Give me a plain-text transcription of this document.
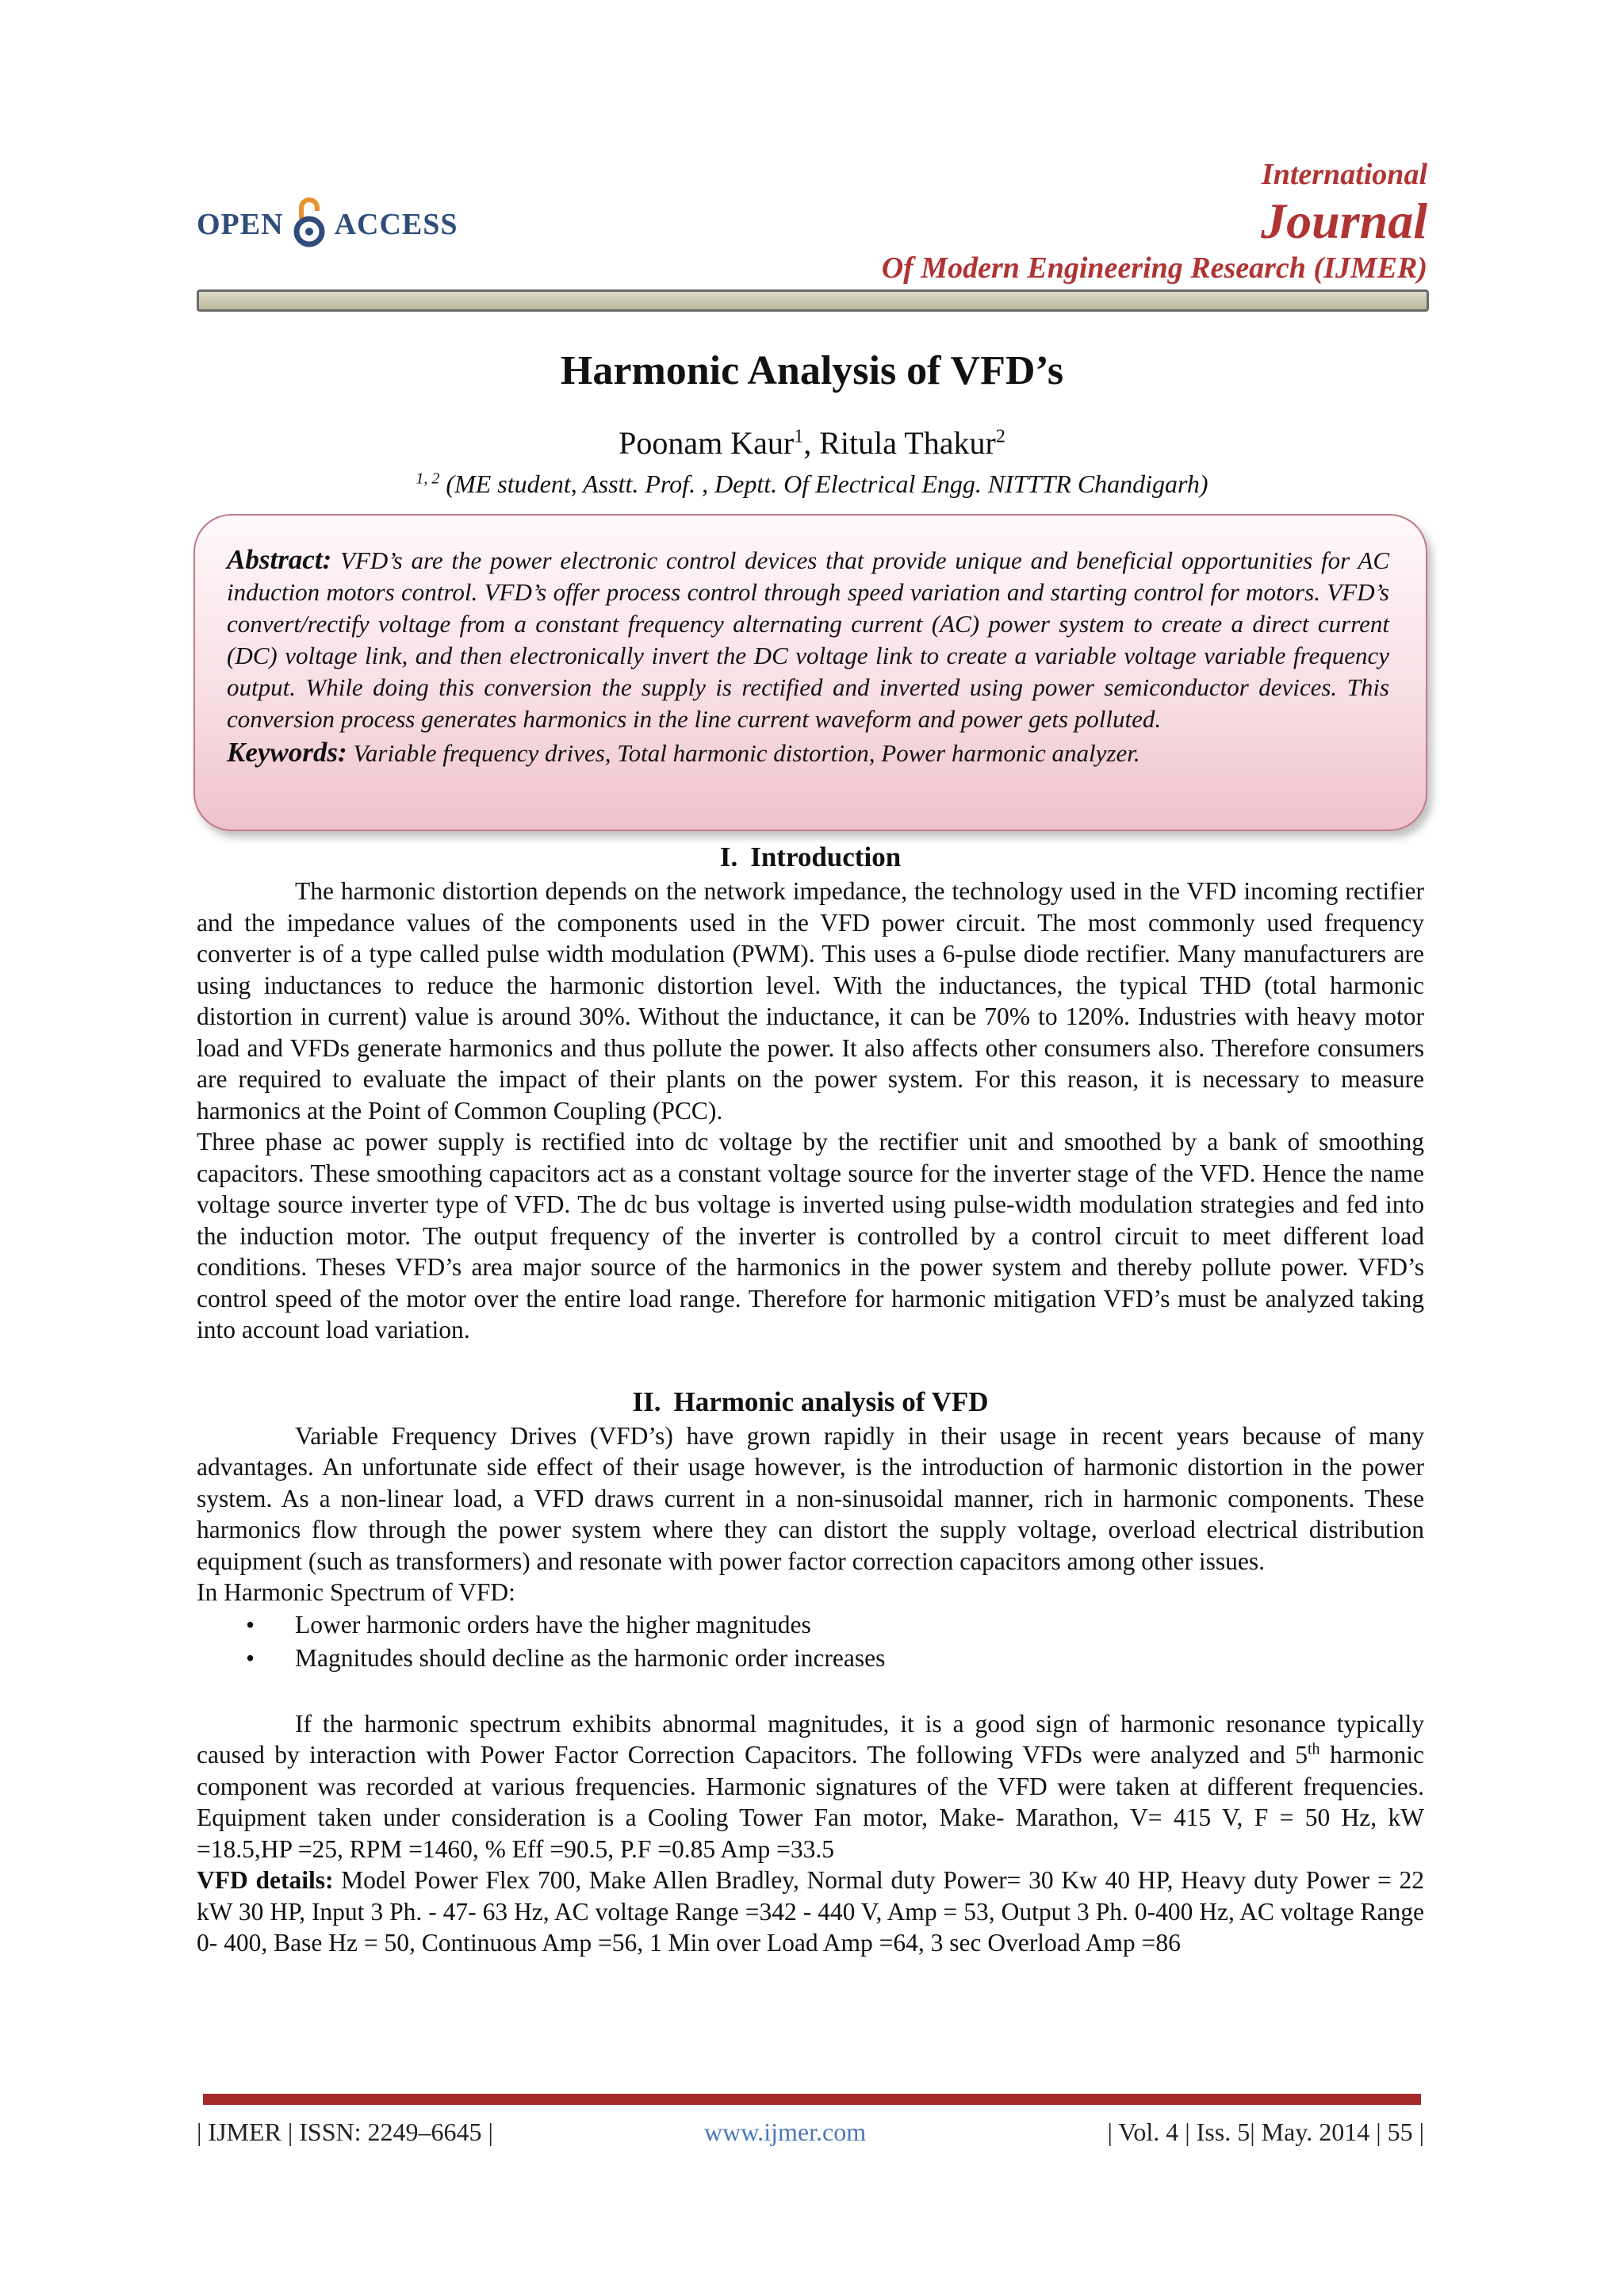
OPEN ACCESS
International
Journal
Of Modern Engineering Research (IJMER)
Harmonic Analysis of VFD’s
Poonam Kaur$^1$, Ritula Thakur$^2$
$^{1, 2}$ (ME student, Asstt. Prof. , Deptt. Of Electrical Engg. NITTTR Chandigarh)
Abstract: VFD’s are the power electronic control devices that provide unique and beneficial opportunities for AC induction motors control. VFD’s offer process control through speed variation and starting control for motors. VFD’s convert/rectify voltage from a constant frequency alternating current (AC) power system to create a direct current (DC) voltage link, and then electronically invert the DC voltage link to create a variable voltage variable frequency output. While doing this conversion the supply is rectified and inverted using power semiconductor devices. This conversion process generates harmonics in the line current waveform and power gets polluted.
Keywords: Variable frequency drives, Total harmonic distortion, Power harmonic analyzer.
I. Introduction

The harmonic distortion depends on the network impedance, the technology used in the VFD incoming rectifier and the impedance values of the components used in the VFD power circuit. The most commonly used frequency converter is of a type called pulse width modulation (PWM). This uses a 6-pulse diode rectifier. Many manufacturers are using inductances to reduce the harmonic distortion level. With the inductances, the typical THD (total harmonic distortion in current) value is around 30%. Without the inductance, it can be 70% to 120%. Industries with heavy motor load and VFDs generate harmonics and thus pollute the power. It also affects other consumers also. Therefore consumers are required to evaluate the impact of their plants on the power system. For this reason, it is necessary to measure harmonics at the Point of Common Coupling (PCC).

Three phase ac power supply is rectified into dc voltage by the rectifier unit and smoothed by a bank of smoothing capacitors. These smoothing capacitors act as a constant voltage source for the inverter stage of the VFD. Hence the name voltage source inverter type of VFD. The dc bus voltage is inverted using pulse-width modulation strategies and fed into the induction motor. The output frequency of the inverter is controlled by a control circuit to meet different load conditions. Theses VFD’s area major source of the harmonics in the power system and thereby pollute power. VFD’s control speed of the motor over the entire load range. Therefore for harmonic mitigation VFD’s must be analyzed taking into account load variation.

II. Harmonic analysis of VFD

Variable Frequency Drives (VFD’s) have grown rapidly in their usage in recent years because of many advantages. An unfortunate side effect of their usage however, is the introduction of harmonic distortion in the power system. As a non-linear load, a VFD draws current in a non-sinusoidal manner, rich in harmonic components. These harmonics flow through the power system where they can distort the supply voltage, overload electrical distribution equipment (such as transformers) and resonate with power factor correction capacitors among other issues.

In Harmonic Spectrum of VFD:

• Lower harmonic orders have the higher magnitudes
• Magnitudes should decline as the harmonic order increases

If the harmonic spectrum exhibits abnormal magnitudes, it is a good sign of harmonic resonance typically caused by interaction with Power Factor Correction Capacitors. The following VFDs were analyzed and 5th harmonic component was recorded at various frequencies. Harmonic signatures of the VFD were taken at different frequencies. Equipment taken under consideration is a Cooling Tower Fan motor, Make- Marathon, V= 415 V, F = 50 Hz, kW =18.5,HP =25, RPM =1460, % Eff =90.5, P.F =0.85 Amp =33.5

VFD details: Model Power Flex 700, Make Allen Bradley, Normal duty Power= 30 Kw 40 HP, Heavy duty Power = 22 kW 30 HP, Input 3 Ph. - 47- 63 Hz, AC voltage Range =342 - 440 V, Amp = 53, Output 3 Ph. 0-400 Hz, AC voltage Range 0- 400, Base Hz = 50, Continuous Amp =56, 1 Min over Load Amp =64, 3 sec Overload Amp =86

| IJMER | ISSN: 2249–6645 |	www.ijmer.com	| Vol. 4 | Iss. 5| May. 2014 | 55 |
